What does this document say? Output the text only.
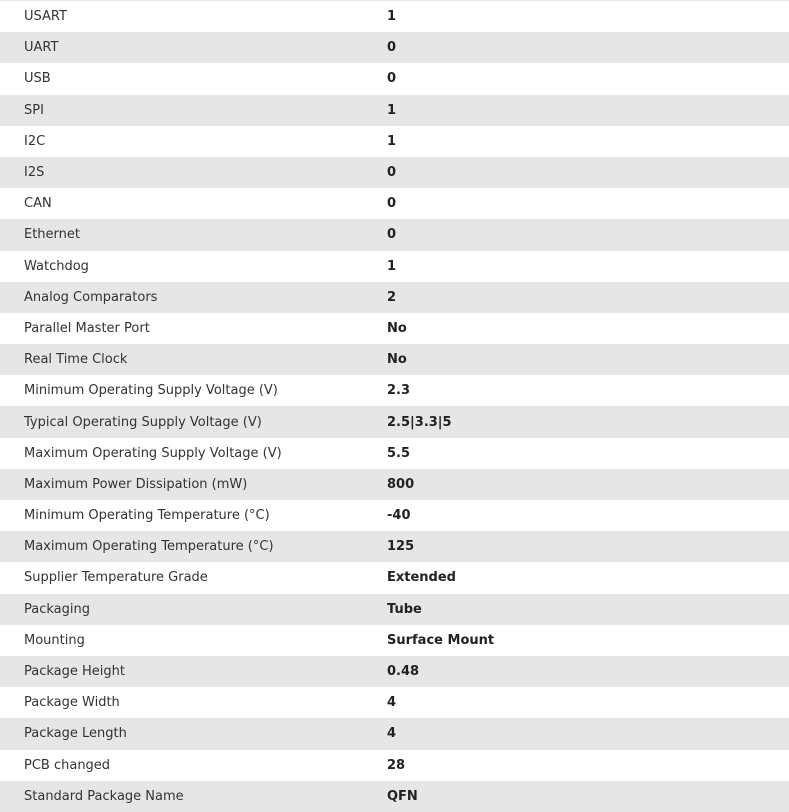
USART	1
UART	0
USB	0
SPI	1
I2C	1
I2S	0
CAN	0
Ethernet	0
Watchdog	1
Analog Comparators	2
Parallel Master Port	No
Real Time Clock	No
Minimum Operating Supply Voltage (V)	2.3
Typical Operating Supply Voltage (V)	2.5|3.3|5
Maximum Operating Supply Voltage (V)	5.5
Maximum Power Dissipation (mW)	800
Minimum Operating Temperature (°C)	-40
Maximum Operating Temperature (°C)	125
Supplier Temperature Grade	Extended
Packaging	Tube
Mounting	Surface Mount
Package Height	0.48
Package Width	4
Package Length	4
PCB changed	28
Standard Package Name	QFN
